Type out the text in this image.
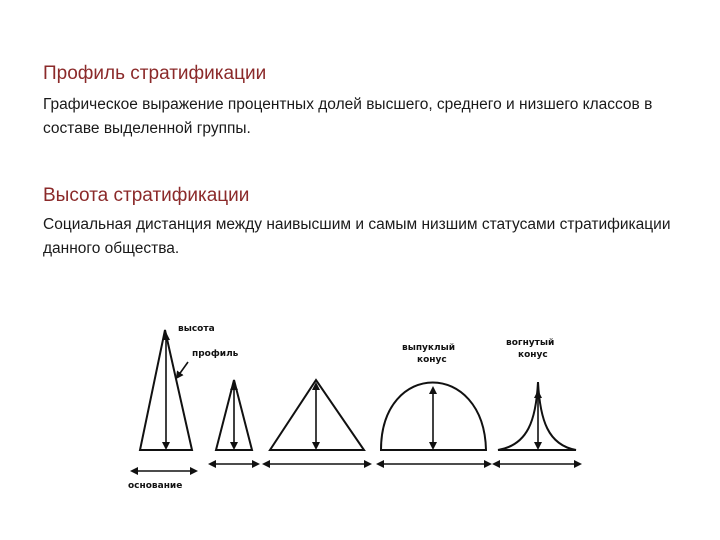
Профиль стратификации

Графическое выражение процентных долей высшего, среднего и низшего классов в составе выделенной группы.

Высота стратификации

Социальная дистанция между наивысшим и самым низшим статусами стратификации данного общества.

высота
профиль
основание
выпуклый
конус
вогнутый
конус
